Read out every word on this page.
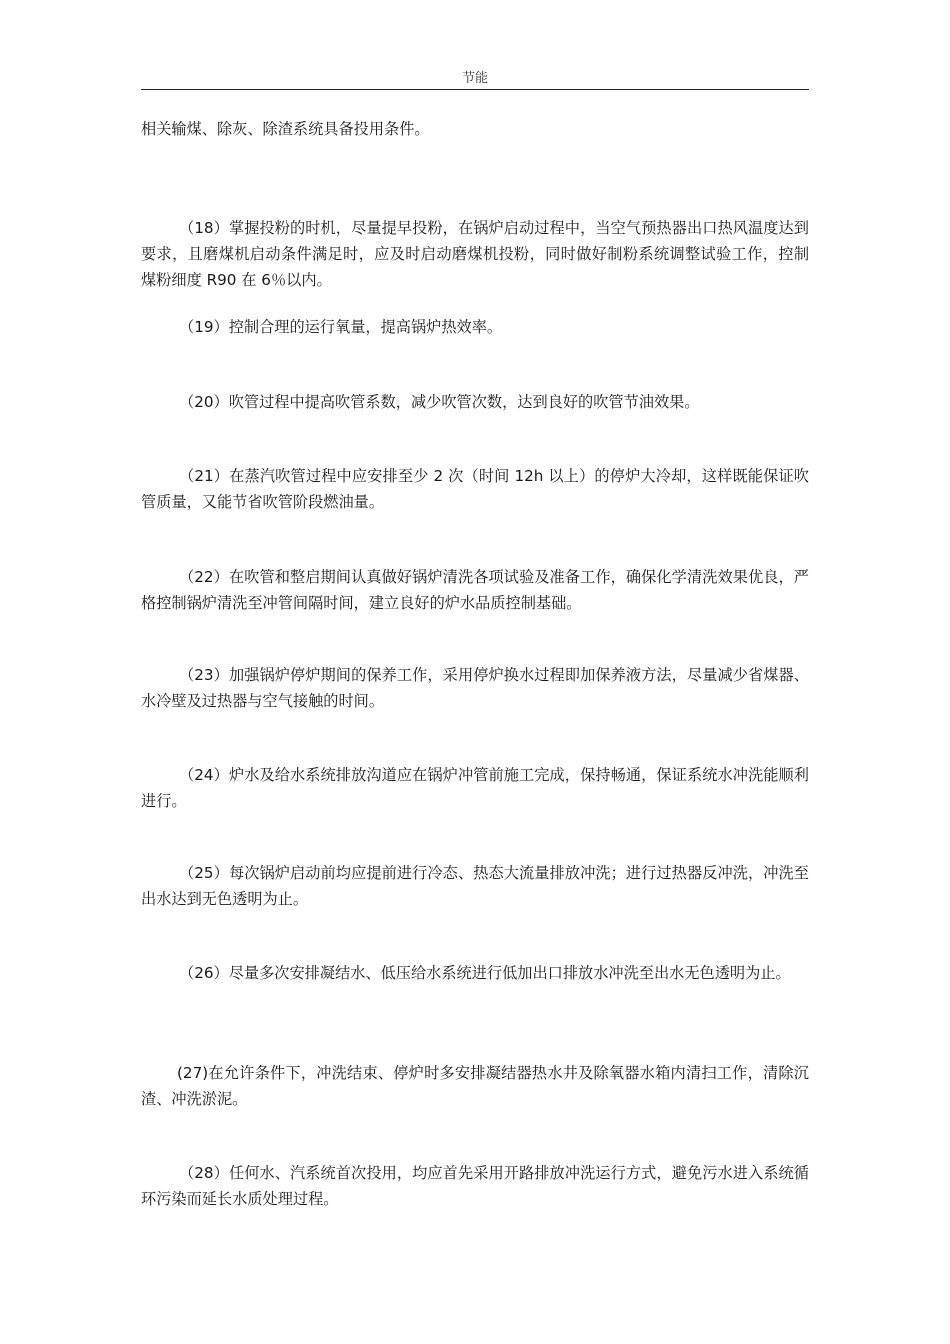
节能

相关输煤、除灰、除渣系统具备投用条件。

（18）掌握投粉的时机，尽量提早投粉，在锅炉启动过程中，当空气预热器出口热风温度达到要求，且磨煤机启动条件满足时，应及时启动磨煤机投粉，同时做好制粉系统调整试验工作，控制煤粉细度 R90 在 6％以内。

（19）控制合理的运行氧量，提高锅炉热效率。

（20）吹管过程中提高吹管系数，减少吹管次数，达到良好的吹管节油效果。

（21）在蒸汽吹管过程中应安排至少 2 次（时间 12h 以上）的停炉大冷却，这样既能保证吹管质量，又能节省吹管阶段燃油量。

（22）在吹管和整启期间认真做好锅炉清洗各项试验及准备工作，确保化学清洗效果优良，严格控制锅炉清洗至冲管间隔时间，建立良好的炉水品质控制基础。

（23）加强锅炉停炉期间的保养工作，采用停炉换水过程即加保养液方法，尽量减少省煤器、水冷壁及过热器与空气接触的时间。

（24）炉水及给水系统排放沟道应在锅炉冲管前施工完成，保持畅通，保证系统水冲洗能顺利进行。

（25）每次锅炉启动前均应提前进行冷态、热态大流量排放冲洗；进行过热器反冲洗，冲洗至出水达到无色透明为止。

（26）尽量多次安排凝结水、低压给水系统进行低加出口排放水冲洗至出水无色透明为止。

(27)在允许条件下，冲洗结束、停炉时多安排凝结器热水井及除氧器水箱内清扫工作，清除沉渣、冲洗淤泥。

（28）任何水、汽系统首次投用，均应首先采用开路排放冲洗运行方式，避免污水进入系统循环污染而延长水质处理过程。
